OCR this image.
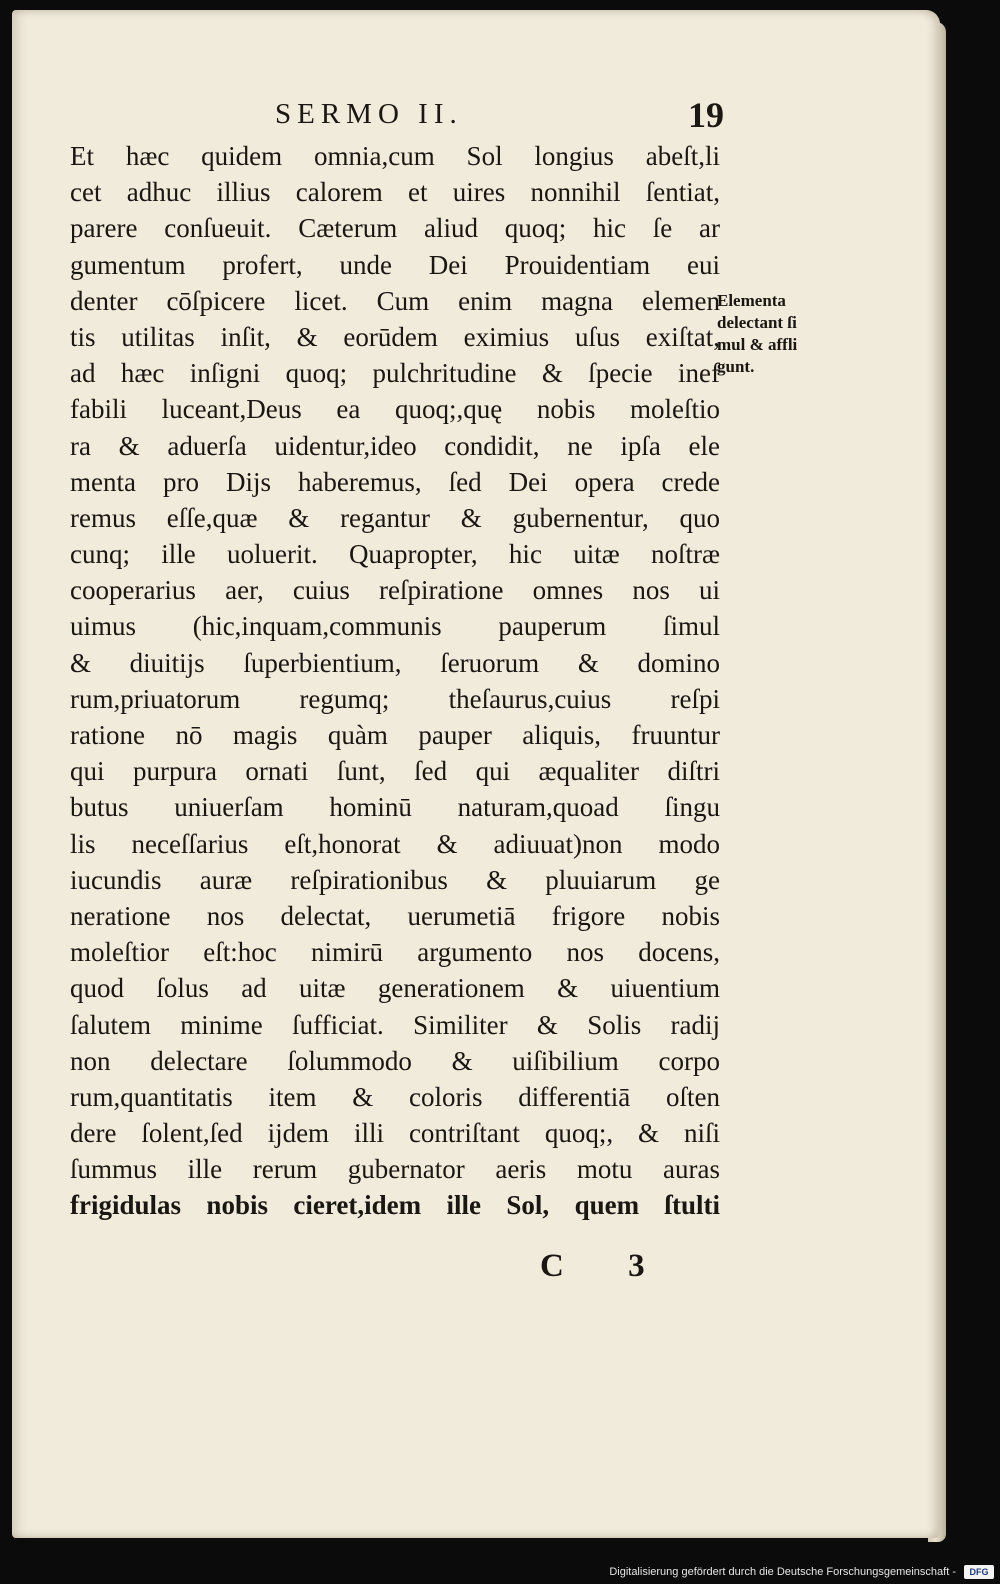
SERMO II.	19
Et hæc quidem omnia,cum Sol longius abeſt,li
cet adhuc illius calorem et uires nonnihil ſentiat,
parere conſueuit. Cæterum aliud quoq; hic ſe ar
gumentum profert, unde Dei Prouidentiam eui
denter cōſpicere licet. Cum enim magna elemen
tis utilitas inſit, & eorūdem eximius uſus exiſtat,
ad hæc inſigni quoq; pulchritudine & ſpecie inef
fabili luceant,Deus ea quoq;,quę nobis moleſtio
ra & aduerſa uidentur,ideo condidit, ne ipſa ele
menta pro Dijs haberemus, ſed Dei opera crede
remus eſſe,quæ & regantur & gubernentur, quo
cunq; ille uoluerit. Quapropter, hic uitæ noſtræ
cooperarius aer, cuius reſpiratione omnes nos ui
uimus (hic,inquam,communis pauperum ſimul
& diuitijs ſuperbientium, ſeruorum & domino
rum,priuatorum regumq; theſaurus,cuius reſpi
ratione nō magis quàm pauper aliquis, fruuntur
qui purpura ornati ſunt, ſed qui æqualiter diſtri
butus uniuerſam hominū naturam,quoad ſingu
lis neceſſarius eſt,honorat & adiuuat)non modo
iucundis auræ reſpirationibus & pluuiarum ge
neratione nos delectat, uerumetiā frigore nobis
moleſtior eſt:hoc nimirū argumento nos docens,
quod ſolus ad uitæ generationem & uiuentium
ſalutem minime ſufficiat. Similiter & Solis radij
non delectare ſolummodo & uiſibilium corpo
rum,quantitatis item & coloris differentiā oſten
dere ſolent,ſed ijdem illi contriſtant quoq;, & niſi
ſummus ille rerum gubernator aeris motu auras
frigidulas nobis cieret,idem ille Sol, quem ſtulti
Elementa
delectant ſi
mul & affli
gunt.
C 3
Digitalisierung gefördert durch die Deutsche Forschungsgemeinschaft -	DFG
